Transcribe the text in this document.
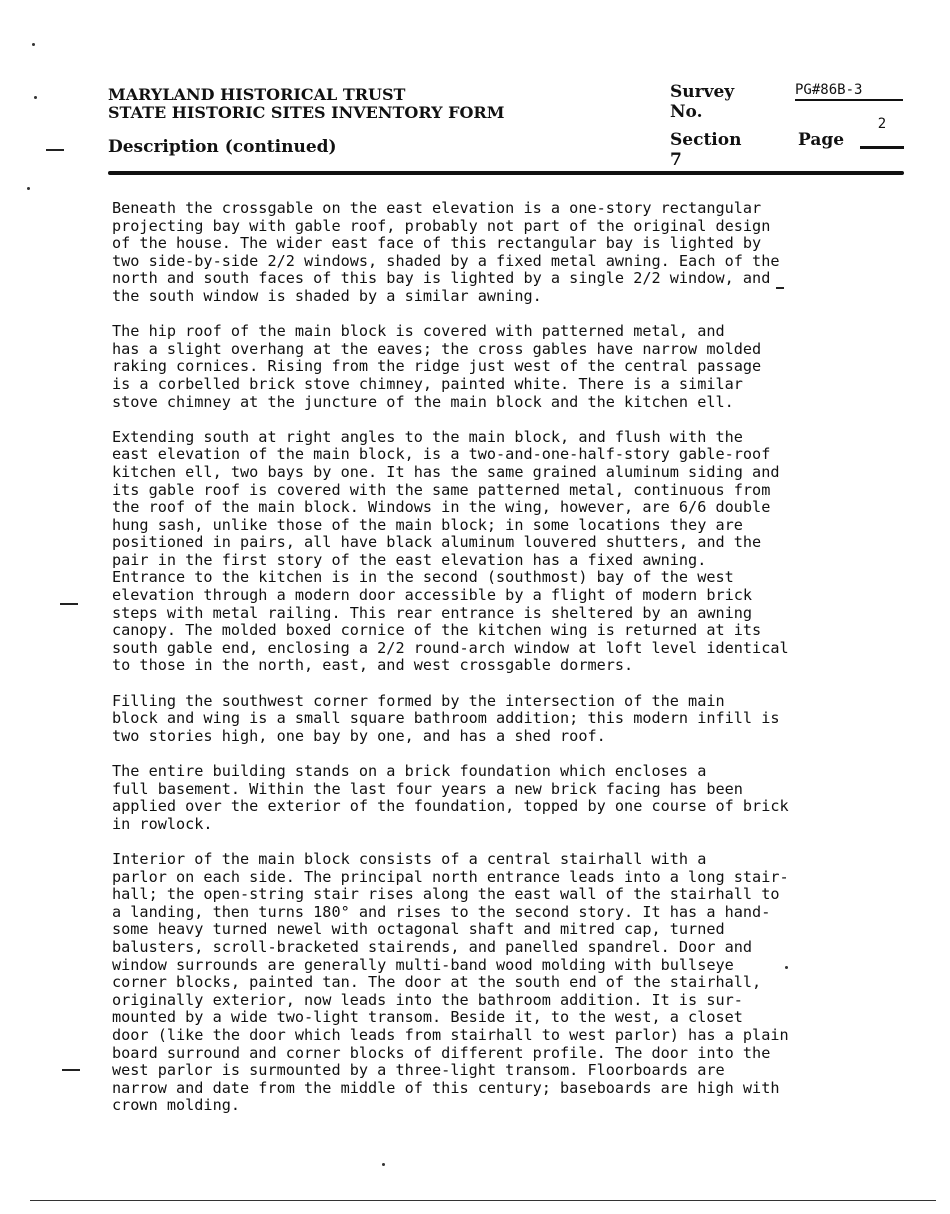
MARYLAND HISTORICAL TRUST
STATE HISTORIC SITES INVENTORY FORM
Description (continued)
Survey No.
PG#86B-3
Section 7
Page
2

Beneath the crossgable on the east elevation is a one-story rectangular
projecting bay with gable roof, probably not part of the original design
of the house. The wider east face of this rectangular bay is lighted by
two side-by-side 2/2 windows, shaded by a fixed metal awning. Each of the
north and south faces of this bay is lighted by a single 2/2 window, and
the south window is shaded by a similar awning.

The hip roof of the main block is covered with patterned metal, and
has a slight overhang at the eaves; the cross gables have narrow molded
raking cornices. Rising from the ridge just west of the central passage
is a corbelled brick stove chimney, painted white. There is a similar
stove chimney at the juncture of the main block and the kitchen ell.

Extending south at right angles to the main block, and flush with the
east elevation of the main block, is a two-and-one-half-story gable-roof
kitchen ell, two bays by one. It has the same grained aluminum siding and
its gable roof is covered with the same patterned metal, continuous from
the roof of the main block. Windows in the wing, however, are 6/6 double
hung sash, unlike those of the main block; in some locations they are
positioned in pairs, all have black aluminum louvered shutters, and the
pair in the first story of the east elevation has a fixed awning.
Entrance to the kitchen is in the second (southmost) bay of the west
elevation through a modern door accessible by a flight of modern brick
steps with metal railing. This rear entrance is sheltered by an awning
canopy. The molded boxed cornice of the kitchen wing is returned at its
south gable end, enclosing a 2/2 round-arch window at loft level identical
to those in the north, east, and west crossgable dormers.

Filling the southwest corner formed by the intersection of the main
block and wing is a small square bathroom addition; this modern infill is
two stories high, one bay by one, and has a shed roof.

The entire building stands on a brick foundation which encloses a
full basement. Within the last four years a new brick facing has been
applied over the exterior of the foundation, topped by one course of brick
in rowlock.

Interior of the main block consists of a central stairhall with a
parlor on each side. The principal north entrance leads into a long stair-
hall; the open-string stair rises along the east wall of the stairhall to
a landing, then turns 180° and rises to the second story. It has a hand-
some heavy turned newel with octagonal shaft and mitred cap, turned
balusters, scroll-bracketed stairends, and panelled spandrel. Door and
window surrounds are generally multi-band wood molding with bullseye
corner blocks, painted tan. The door at the south end of the stairhall,
originally exterior, now leads into the bathroom addition. It is sur-
mounted by a wide two-light transom. Beside it, to the west, a closet
door (like the door which leads from stairhall to west parlor) has a plain
board surround and corner blocks of different profile. The door into the
west parlor is surmounted by a three-light transom. Floorboards are
narrow and date from the middle of this century; baseboards are high with
crown molding.
